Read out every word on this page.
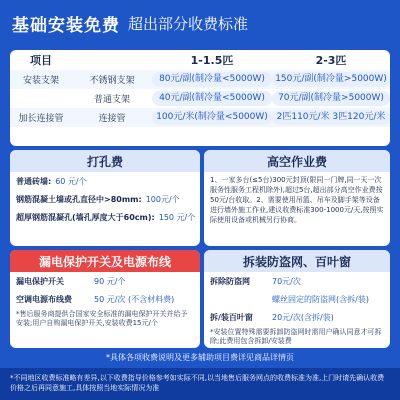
基础安装免费 超出部分收费标准
项目	1-1.5匹	2-3匹
安装支架	不锈钢支架	80元/副(制冷量<5000W)	150元/副(制冷量>5000W)
普通支架	40元/副(制冷量<5000W)	70元/副(制冷量>5000W)
加长连接管	连接管	100元/米(制冷量<5000W) 2匹110元/米 3匹120元/米
打孔费
普通砖墙: 60 元/个
钢筋混凝土墙或孔直径中>80mm: 100元/个
超厚钢筋混凝孔(墙孔厚度大于60cm): 150 元/个
高空作业费
1、一家多台(≤5台)300元封顶(限同一门牌,同一天一次服务性服务工程机除外),超过5台,超出部分高空作业费按50元/台收取。2、需要使用吊篮、吊车及脚手架等设备进行墙外施工作业,建议收费标准300-1000元/天,按照实际使用设备或机械另行协商。
漏电保护开关及电源布线
漏电保护开关	90 元/个
空调电源布线费	50 元/次 (不含材料费)
*售后服务商提供合国家安全标准的漏电保护开关并给予安装;用户自购漏电保护开关,安装收费15元/个
拆装防盗网、百叶窗
拆除防盗网	70元/次
螺丝固定的防盗网(含拆/装)
拆/装百叶窗	20元/次(含拆/装)
*安装位置特殊需要拆卸防盗网时需用户确认同意才可拆除;此费用包含拆卸/安装费
*具体各项收费说明及更多辅助项目费详见商品详情页
*不同地区收费标准略有差异,以下收费指导价格参考如实际不同,以当地售后服务网点的收费标准为准,上门时请先确认收费价格之后再同意施工,具体按照当地实际情况为准
